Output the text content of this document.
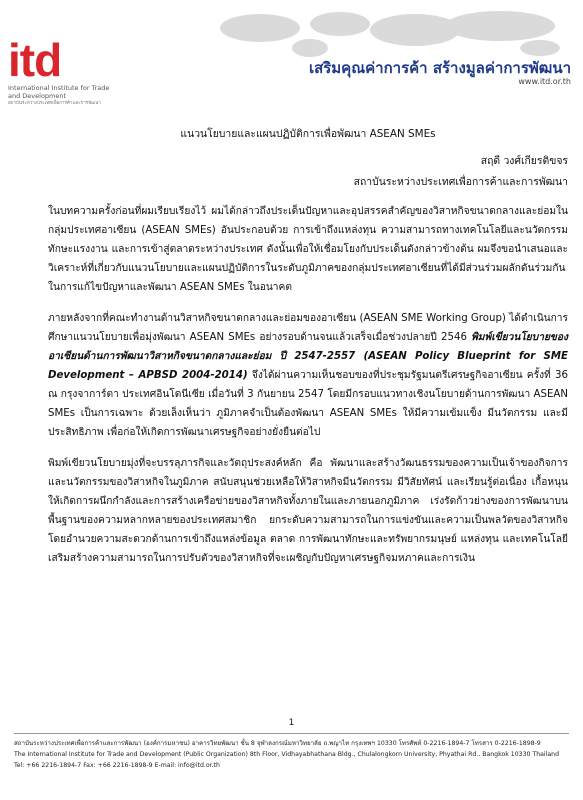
itd
International Institute for Trade and Development
สถาบันระหว่างประเทศเพื่อการค้าและการพัฒนา
เสริมคุณค่าการค้า สร้างมูลค่าการพัฒนา
www.itd.or.th

แนวนโยบายและแผนปฏิบัติการเพื่อพัฒนา ASEAN SMEs

สฤดี วงศ์เกียรติขจร

สถาบันระหว่างประเทศเพื่อการค้าและการพัฒนา

ในบทความครั้งก่อนที่ผมเรียบเรียงไว้ ผมได้กล่าวถึงประเด็นปัญหาและอุปสรรคสำคัญของวิสาหกิจขนาดกลางและย่อมในกลุ่มประเทศอาเซียน (ASEAN SMEs) อันประกอบด้วย การเข้าถึงแหล่งทุน ความสามารถทางเทคโนโลยีและนวัตกรรม ทักษะแรงงาน และการเข้าสู่ตลาดระหว่างประเทศ ดังนั้นเพื่อให้เชื่อมโยงกับประเด็นดังกล่าวข้างต้น ผมจึงขอนำเสนอและวิเคราะห์ที่เกี่ยวกับแนวนโยบายและแผนปฏิบัติการในระดับภูมิภาคของกลุ่มประเทศอาเซียนที่ได้มีส่วนร่วมผลักดันร่วมกันในการแก้ไขปัญหาและพัฒนา ASEAN SMEs ในอนาคต

ภายหลังจากที่คณะทำงานด้านวิสาหกิจขนาดกลางและย่อมของอาเซียน (ASEAN SME Working Group) ได้ดำเนินการศึกษาแนวนโยบายเพื่อมุ่งพัฒนา ASEAN SMEs อย่างรอบด้านจนแล้วเสร็จเมื่อช่วงปลายปี 2546 พิมพ์เขียวนโยบายของอาเซียนด้านการพัฒนาวิสาหกิจขนาดกลางและย่อม ปี 2547-2557 (ASEAN Policy Blueprint for SME Development – APBSD 2004-2014) จึงได้ผ่านความเห็นชอบของที่ประชุมรัฐมนตรีเศรษฐกิจอาเซียน ครั้งที่ 36 ณ กรุงจาการ์ตา ประเทศอินโดนีเซีย เมื่อวันที่ 3 กันยายน 2547 โดยมีกรอบแนวทางเชิงนโยบายด้านการพัฒนา ASEAN SMEs เป็นการเฉพาะ ด้วยเล็งเห็นว่า ภูมิภาคจำเป็นต้องพัฒนา ASEAN SMEs ให้มีความเข้มแข็ง มีนวัตกรรม และมีประสิทธิภาพ เพื่อก่อให้เกิดการพัฒนาเศรษฐกิจอย่างยั่งยืนต่อไป

พิมพ์เขียวนโยบายมุ่งที่จะบรรลุภารกิจและวัตถุประสงค์หลัก คือ พัฒนาและสร้างวัฒนธรรมของความเป็นเจ้าของกิจการและนวัตกรรมของวิสาหกิจในภูมิภาค สนับสนุนช่วยเหลือให้วิสาหกิจมีนวัตกรรม มีวิสัยทัศน์ และเรียนรู้ต่อเนื่อง เกื้อหนุนให้เกิดการผนึกกำลังและการสร้างเครือข่ายของวิสาหกิจทั้งภายในและภายนอกภูมิภาค เร่งรัดก้าวย่างของการพัฒนาบนพื้นฐานของความหลากหลายของประเทศสมาชิก ยกระดับความสามารถในการแข่งขันและความเป็นพลวัตของวิสาหกิจ โดยอำนวยความสะดวกด้านการเข้าถึงแหล่งข้อมูล ตลาด การพัฒนาทักษะและทรัพยากรมนุษย์ แหล่งทุน และเทคโนโลยี เสริมสร้างความสามารถในการปรับตัวของวิสาหกิจที่จะเผชิญกับปัญหาเศรษฐกิจมหภาคและการเงิน

1
สถาบันระหว่างประเทศเพื่อการค้าและการพัฒนา (องค์การมหาชน) อาคารวิทยพัฒนา ชั้น 8 จุฬาลงกรณ์มหาวิทยาลัย ถ.พญาไท กรุงเทพฯ 10330 โทรศัพท์ 0-2216-1894-7 โทรสาร 0-2216-1898-9
The International Institute for Trade and Development (Public Organization) 8th Floor, Vidhayabhathana Bldg., Chulalongkorn University, Phyathai Rd., Bangkok 10330 Thailand
Tel: +66 2216-1894-7 Fax: +66 2216-1898-9 E-mail: info@itd.or.th
